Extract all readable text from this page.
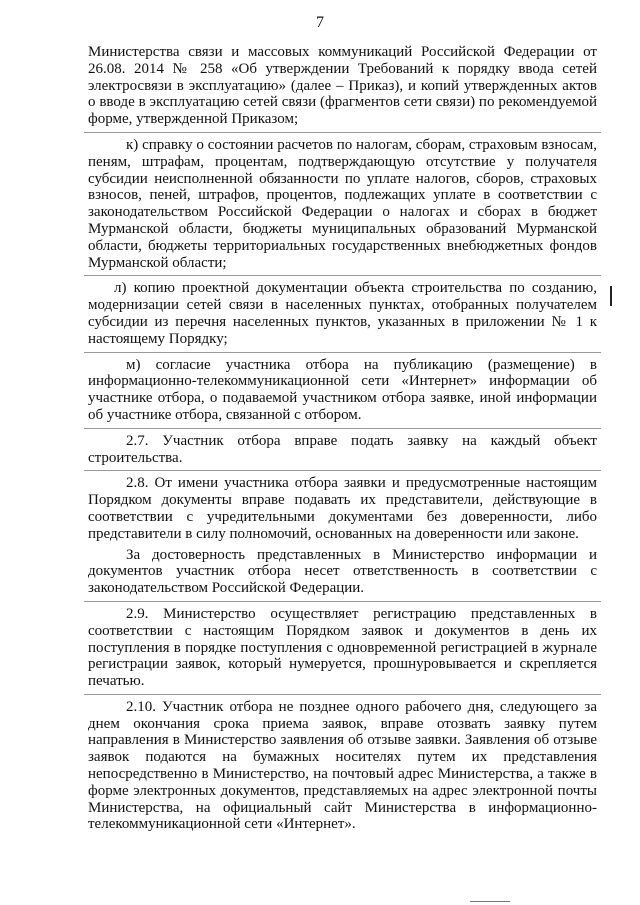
7

Министерства связи и массовых коммуникаций Российской Федерации от 26.08. 2014 № 258 «Об утверждении Требований к порядку ввода сетей электросвязи в эксплуатацию» (далее – Приказ), и копий утвержденных актов о вводе в эксплуатацию сетей связи (фрагментов сети связи) по рекомендуемой форме, утвержденной Приказом;

к) справку о состоянии расчетов по налогам, сборам, страховым взносам, пеням, штрафам, процентам, подтверждающую отсутствие у получателя субсидии неисполненной обязанности по уплате налогов, сборов, страховых взносов, пеней, штрафов, процентов, подлежащих уплате в соответствии с законодательством Российской Федерации о налогах и сборах в бюджет Мурманской области, бюджеты муниципальных образований Мурманской области, бюджеты территориальных государственных внебюджетных фондов Мурманской области;

л) копию проектной документации объекта строительства по созданию, модернизации сетей связи в населенных пунктах, отобранных получателем субсидии из перечня населенных пунктов, указанных в приложении № 1 к настоящему Порядку;

м) согласие участника отбора на публикацию (размещение) в информационно-телекоммуникационной сети «Интернет» информации об участнике отбора, о подаваемой участником отбора заявке, иной информации об участнике отбора, связанной с отбором.

2.7. Участник отбора вправе подать заявку на каждый объект строительства.

2.8. От имени участника отбора заявки и предусмотренные настоящим Порядком документы вправе подавать их представители, действующие в соответствии с учредительными документами без доверенности, либо представители в силу полномочий, основанных на доверенности или законе.

За достоверность представленных в Министерство информации и документов участник отбора несет ответственность в соответствии с законодательством Российской Федерации.

2.9. Министерство осуществляет регистрацию представленных в соответствии с настоящим Порядком заявок и документов в день их поступления в порядке поступления с одновременной регистрацией в журнале регистрации заявок, который нумеруется, прошнуровывается и скрепляется печатью.

2.10. Участник отбора не позднее одного рабочего дня, следующего за днем окончания срока приема заявок, вправе отозвать заявку путем направления в Министерство заявления об отзыве заявки. Заявления об отзыве заявок подаются на бумажных носителях путем их представления непосредственно в Министерство, на почтовый адрес Министерства, а также в форме электронных документов, представляемых на адрес электронной почты Министерства, на официальный сайт Министерства в информационно-телекоммуникационной сети «Интернет».
